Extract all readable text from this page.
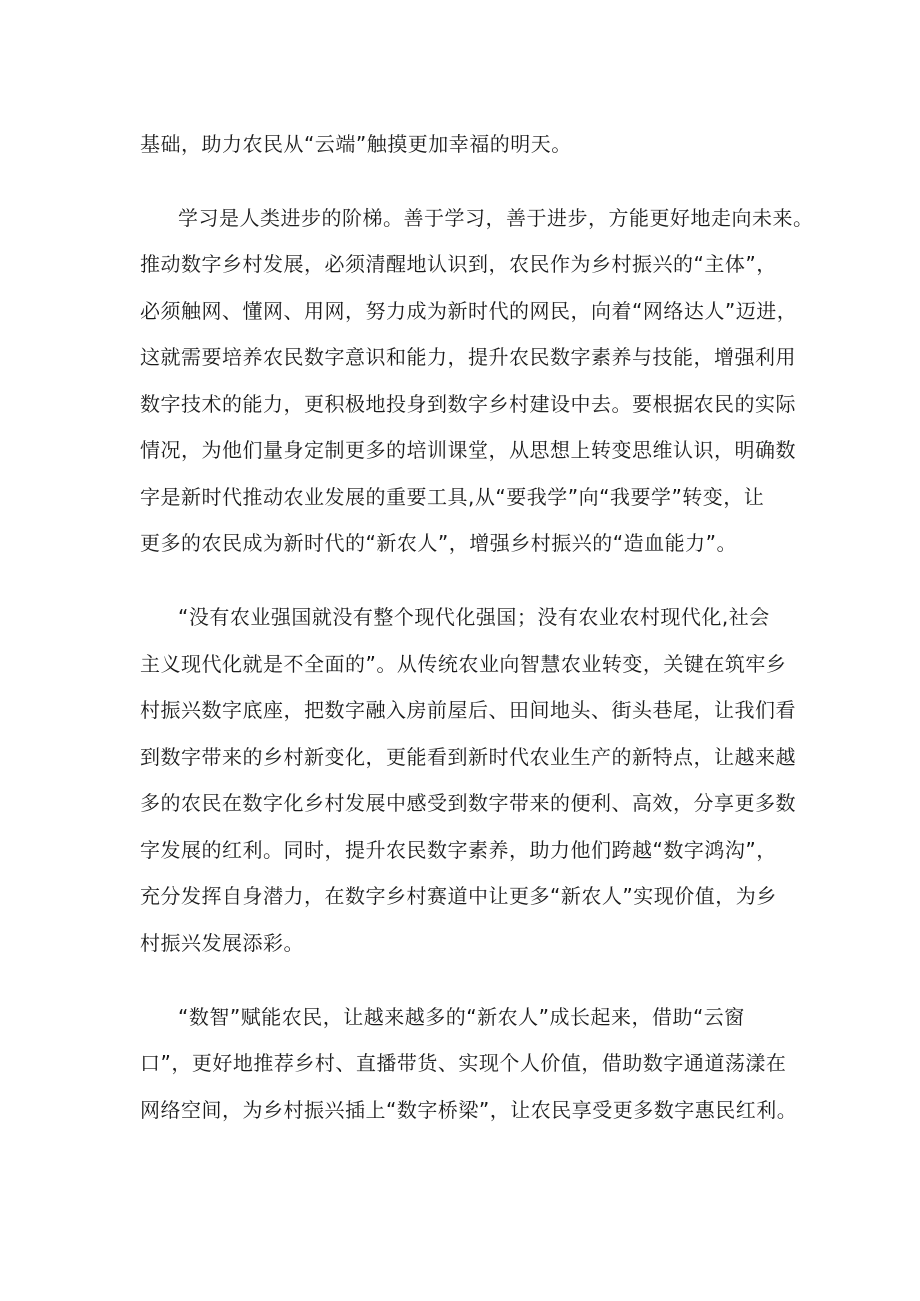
基础，助力农民从“云端”触摸更加幸福的明天。
学习是人类进步的阶梯。善于学习，善于进步，方能更好地走向未来。
推动数字乡村发展，必须清醒地认识到，农民作为乡村振兴的“主体”，
必须触网、懂网、用网，努力成为新时代的网民，向着“网络达人”迈进，
这就需要培养农民数字意识和能力，提升农民数字素养与技能，增强利用
数字技术的能力，更积极地投身到数字乡村建设中去。要根据农民的实际
情况，为他们量身定制更多的培训课堂，从思想上转变思维认识，明确数
字是新时代推动农业发展的重要工具,从“要我学”向“我要学”转变，让
更多的农民成为新时代的“新农人”，增强乡村振兴的“造血能力”。
“没有农业强国就没有整个现代化强国；没有农业农村现代化,社会
主义现代化就是不全面的”。从传统农业向智慧农业转变，关键在筑牢乡
村振兴数字底座，把数字融入房前屋后、田间地头、街头巷尾，让我们看
到数字带来的乡村新变化，更能看到新时代农业生产的新特点，让越来越
多的农民在数字化乡村发展中感受到数字带来的便利、高效，分享更多数
字发展的红利。同时，提升农民数字素养，助力他们跨越“数字鸿沟”，
充分发挥自身潜力，在数字乡村赛道中让更多“新农人”实现价值，为乡
村振兴发展添彩。
“数智”赋能农民，让越来越多的“新农人”成长起来，借助“云窗
口”，更好地推荐乡村、直播带货、实现个人价值，借助数字通道荡漾在
网络空间，为乡村振兴插上“数字桥梁”，让农民享受更多数字惠民红利。
